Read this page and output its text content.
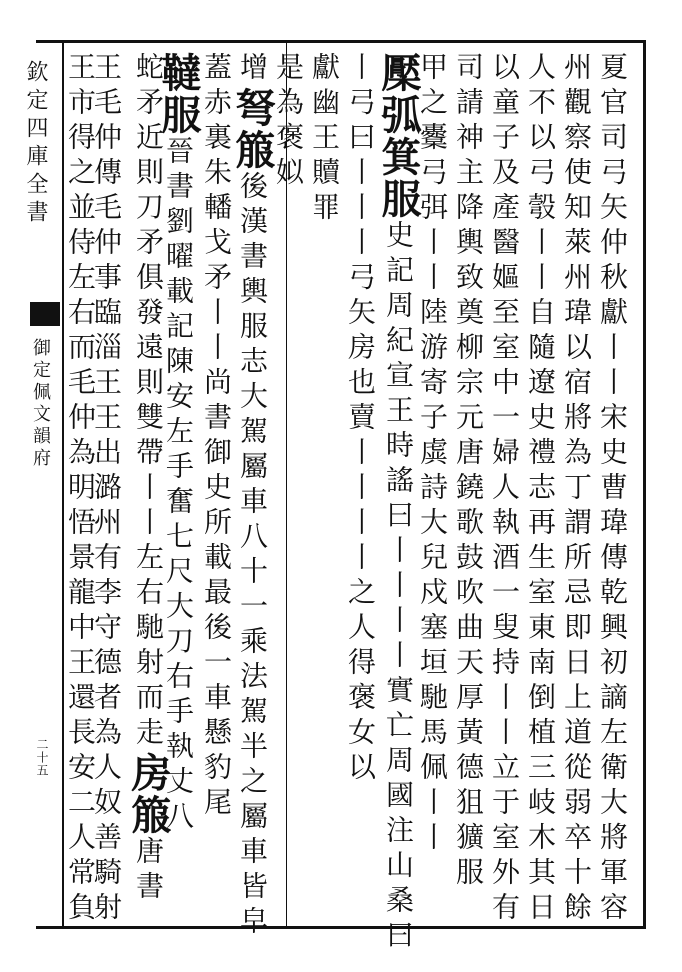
欽定四庫全書
御定佩文韻府
二十五	夏官司弓矢仲秋獻丨丨宋史曹瑋傳乾興初謫左衛大將軍容
州觀察使知萊州瑋以宿將為丁謂所忌即日上道從弱卒十餘
人不以弓彀丨丨自隨遼史禮志再生室東南倒植三岐木其日
以童子及產醫嫗至室中一婦人執酒一叟持丨丨立于室外有
司請神主降輿致奠柳宗元唐鐃歌鼓吹曲天厚黃德狙獷服
甲之櫜弓弭丨丨陸游寄子虡詩大兒戍塞垣馳馬佩丨丨
檿弧箕服史記周紀宣王時謠曰丨丨丨丨實亡周國注山桑曰
丨弓曰丨丨丨弓矢房也賣丨丨丨丨之人得褒女以
獻幽王贖罪
是為褒姒
增弩箙後漢書輿服志大駕屬車八十一乘法駕半之屬車皆皁
蓋赤裏朱轓戈矛丨丨尚書御史所載最後一車懸豹尾
韃服晉書劉曜載記陳安左手奮七尺大刀右手執丈八
蛇矛近則刀矛俱發遠則雙帶丨丨左右馳射而走房箙唐書
王毛仲傳毛仲事臨淄王王出潞州有李守德者為人奴善騎射
王市得之並侍左右而毛仲為明悟景龍中王還長安二人常負
